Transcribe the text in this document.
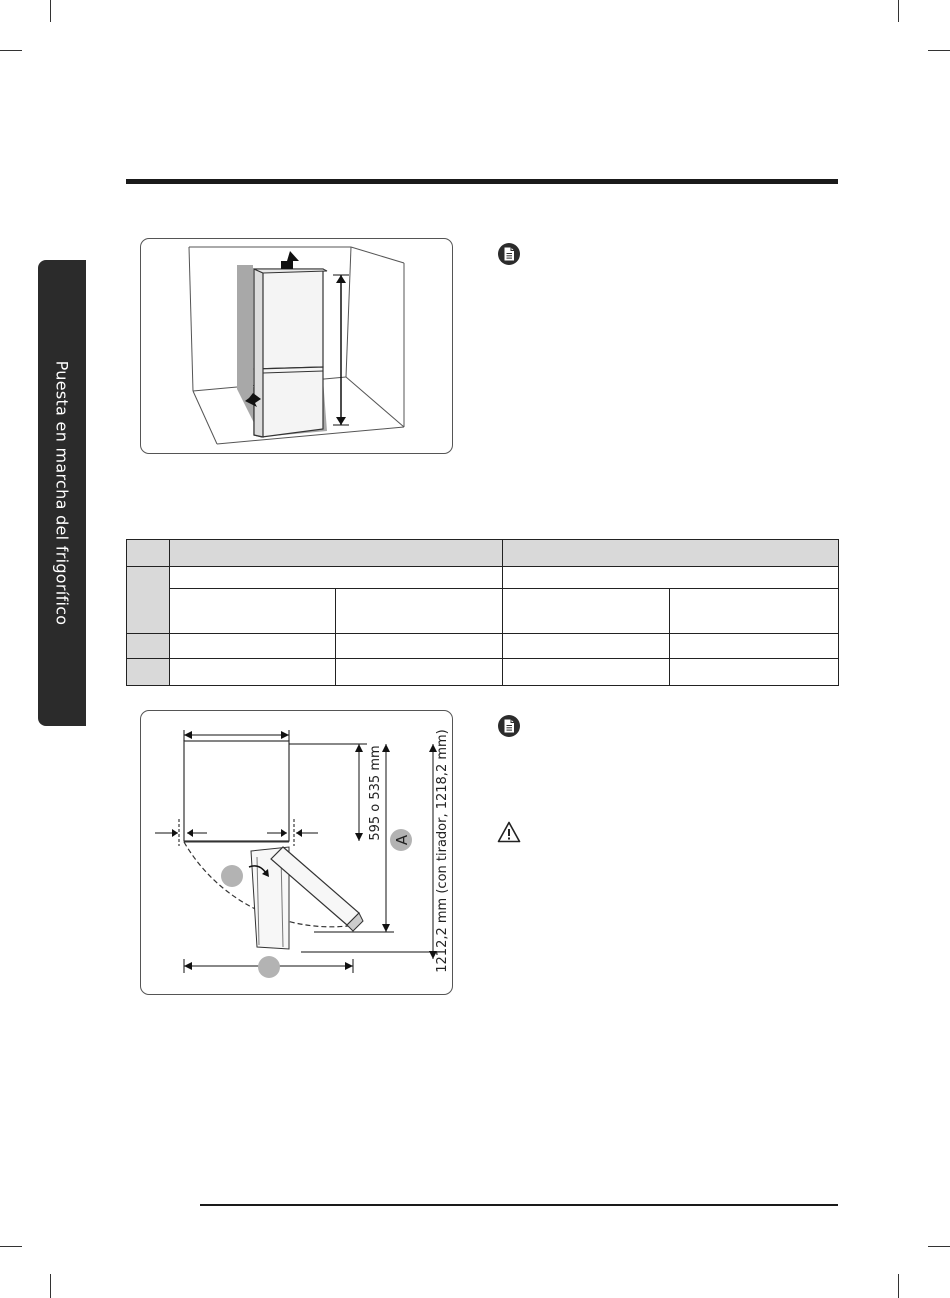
Puesta en marcha del frigorífico

A
595 o 535 mm	1212,2 mm (con tirador, 1218,2 mm)
